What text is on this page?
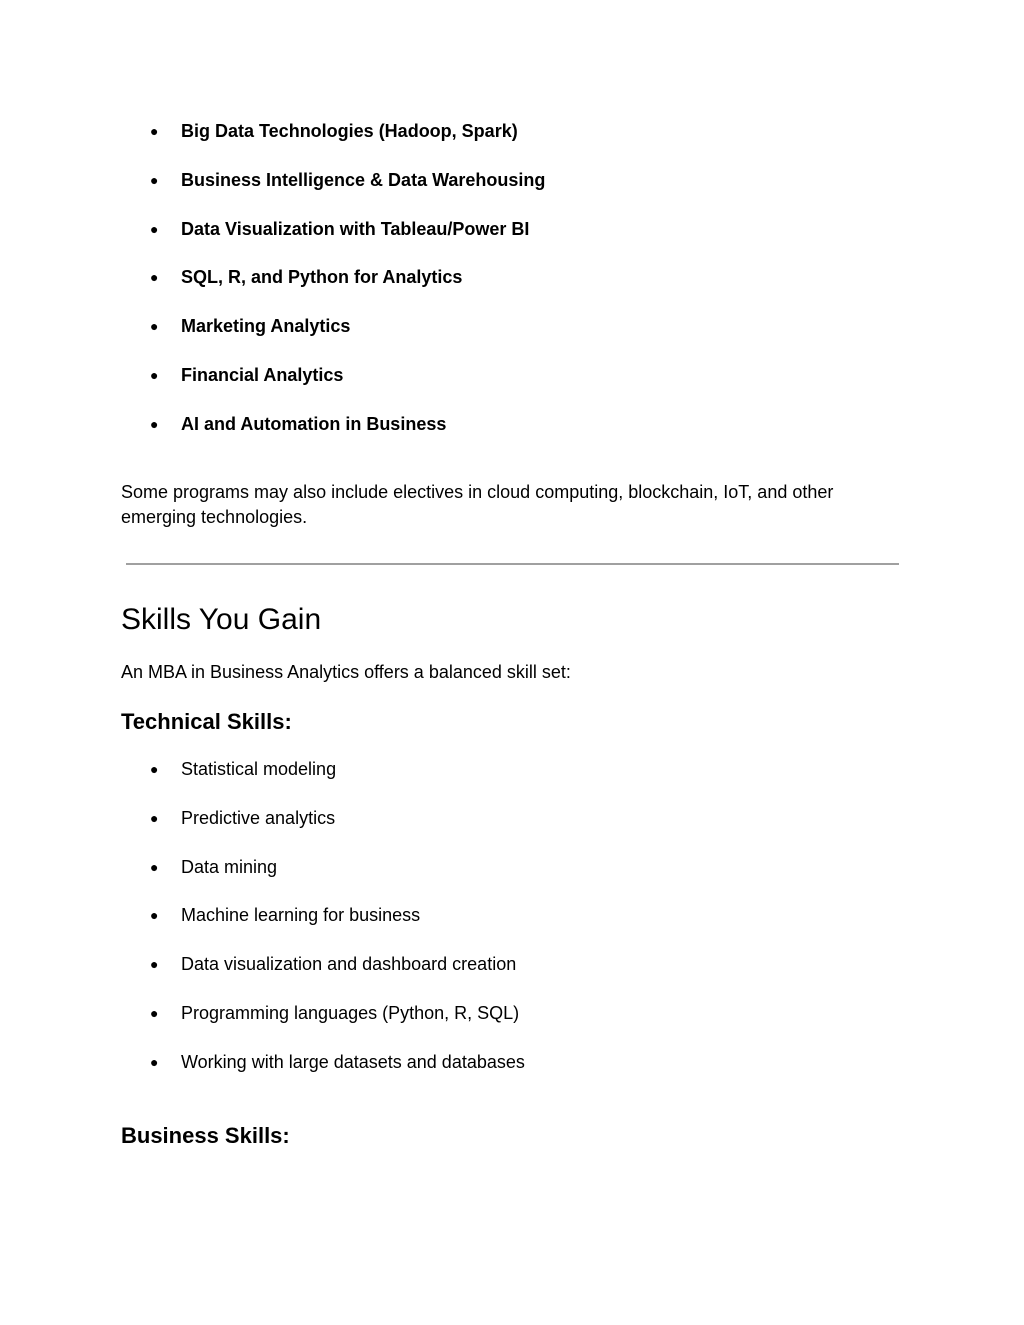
●	Big Data Technologies (Hadoop, Spark)
●	Business Intelligence & Data Warehousing
●	Data Visualization with Tableau/Power BI
●	SQL, R, and Python for Analytics
●	Marketing Analytics
●	Financial Analytics
●	AI and Automation in Business

Some programs may also include electives in cloud computing, blockchain, IoT, and other emerging technologies.

Skills You Gain

An MBA in Business Analytics offers a balanced skill set:

Technical Skills:
●	Statistical modeling
●	Predictive analytics
●	Data mining
●	Machine learning for business
●	Data visualization and dashboard creation
●	Programming languages (Python, R, SQL)
●	Working with large datasets and databases
Business Skills:
